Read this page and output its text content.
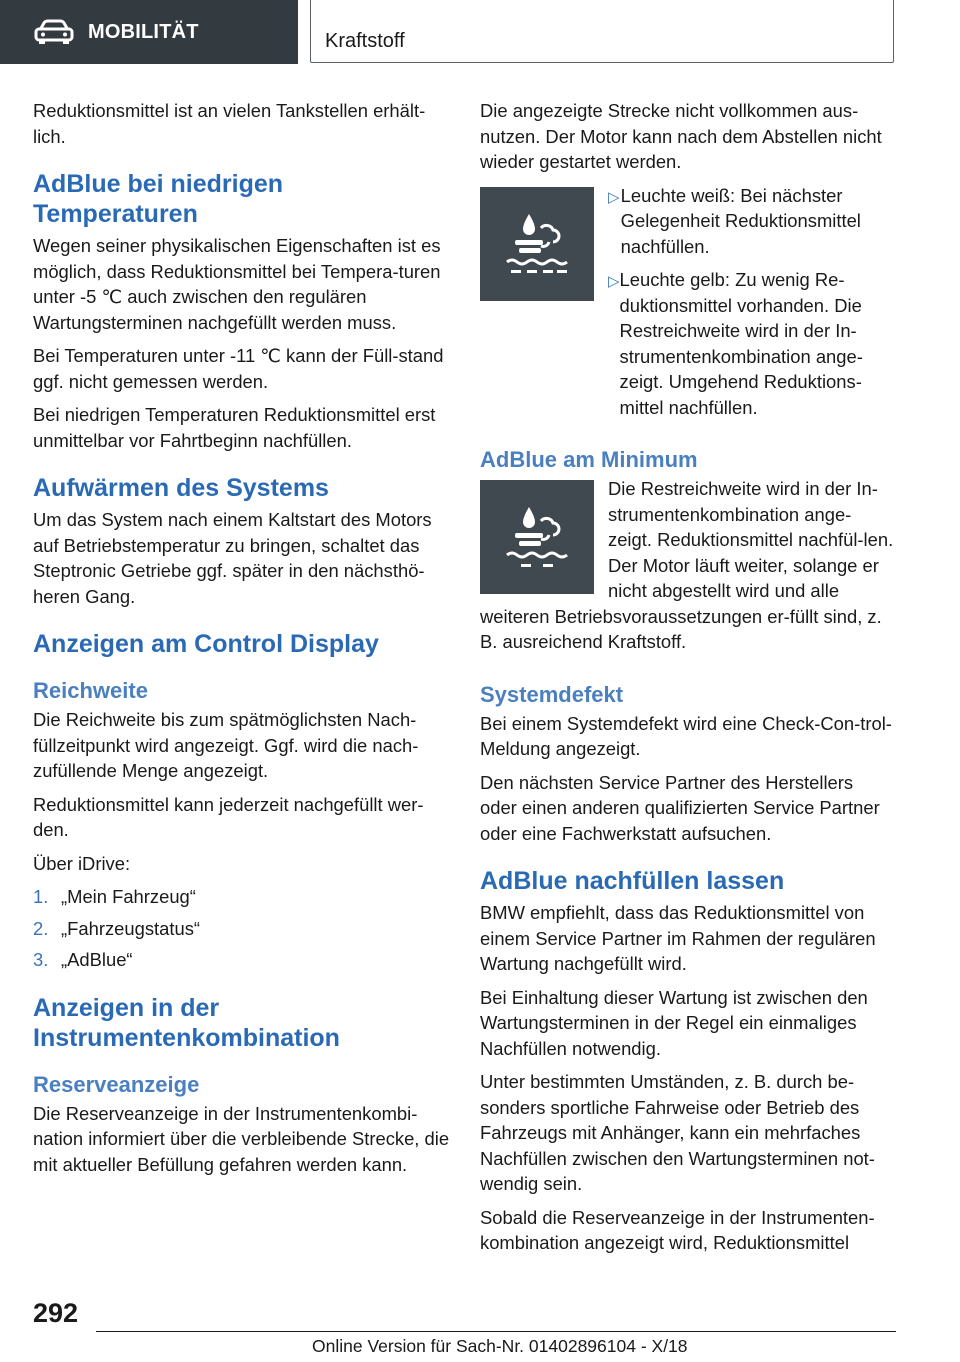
MOBILITÄT	Kraftstoff

Reduktionsmittel ist an vielen Tankstellen erhält-lich.

AdBlue bei niedrigen Temperaturen

Wegen seiner physikalischen Eigenschaften ist es möglich, dass Reduktionsmittel bei Tempera-turen unter -5 ℃ auch zwischen den regulären Wartungsterminen nachgefüllt werden muss.

Bei Temperaturen unter -11 ℃ kann der Füll-stand ggf. nicht gemessen werden.

Bei niedrigen Temperaturen Reduktionsmittel erst unmittelbar vor Fahrtbeginn nachfüllen.

Aufwärmen des Systems

Um das System nach einem Kaltstart des Motors auf Betriebstemperatur zu bringen, schaltet das Steptronic Getriebe ggf. später in den nächsthö-heren Gang.

Anzeigen am Control Display
Reichweite

Die Reichweite bis zum spätmöglichsten Nach-füllzeitpunkt wird angezeigt. Ggf. wird die nach-zufüllende Menge angezeigt.

Reduktionsmittel kann jederzeit nachgefüllt wer-den.

Über iDrive:

1. „Mein Fahrzeug“
2. „Fahrzeugstatus“
3. „AdBlue“
Anzeigen in der Instrumentenkombination
Reserveanzeige

Die Reserveanzeige in der Instrumentenkombi-nation informiert über die verbleibende Strecke, die mit aktueller Befüllung gefahren werden kann.

Die angezeigte Strecke nicht vollkommen aus-nutzen. Der Motor kann nach dem Abstellen nicht wieder gestartet werden.

▷ Leuchte weiß: Bei nächster Gelegenheit Reduktionsmittel nachfüllen.
▷ Leuchte gelb: Zu wenig Re-duktionsmittel vorhanden. Die Restreichweite wird in der In-strumentenkombination ange-zeigt. Umgehend Reduktions-mittel nachfüllen.
AdBlue am Minimum

Die Restreichweite wird in der In-strumentenkombination ange-zeigt. Reduktionsmittel nachfül-len. Der Motor läuft weiter, solange er nicht abgestellt wird und alle weiteren Betriebsvoraussetzungen er-füllt sind, z. B. ausreichend Kraftstoff.

Systemdefekt

Bei einem Systemdefekt wird eine Check-Con-trol-Meldung angezeigt.

Den nächsten Service Partner des Herstellers oder einen anderen qualifizierten Service Partner oder eine Fachwerkstatt aufsuchen.

AdBlue nachfüllen lassen

BMW empfiehlt, dass das Reduktionsmittel von einem Service Partner im Rahmen der regulären Wartung nachgefüllt wird.

Bei Einhaltung dieser Wartung ist zwischen den Wartungsterminen in der Regel ein einmaliges Nachfüllen notwendig.

Unter bestimmten Umständen, z. B. durch be-sonders sportliche Fahrweise oder Betrieb des Fahrzeugs mit Anhänger, kann ein mehrfaches Nachfüllen zwischen den Wartungsterminen not-wendig sein.

Sobald die Reserveanzeige in der Instrumenten-kombination angezeigt wird, Reduktionsmittel

292
Online Version für Sach-Nr. 01402896104 - X/18
